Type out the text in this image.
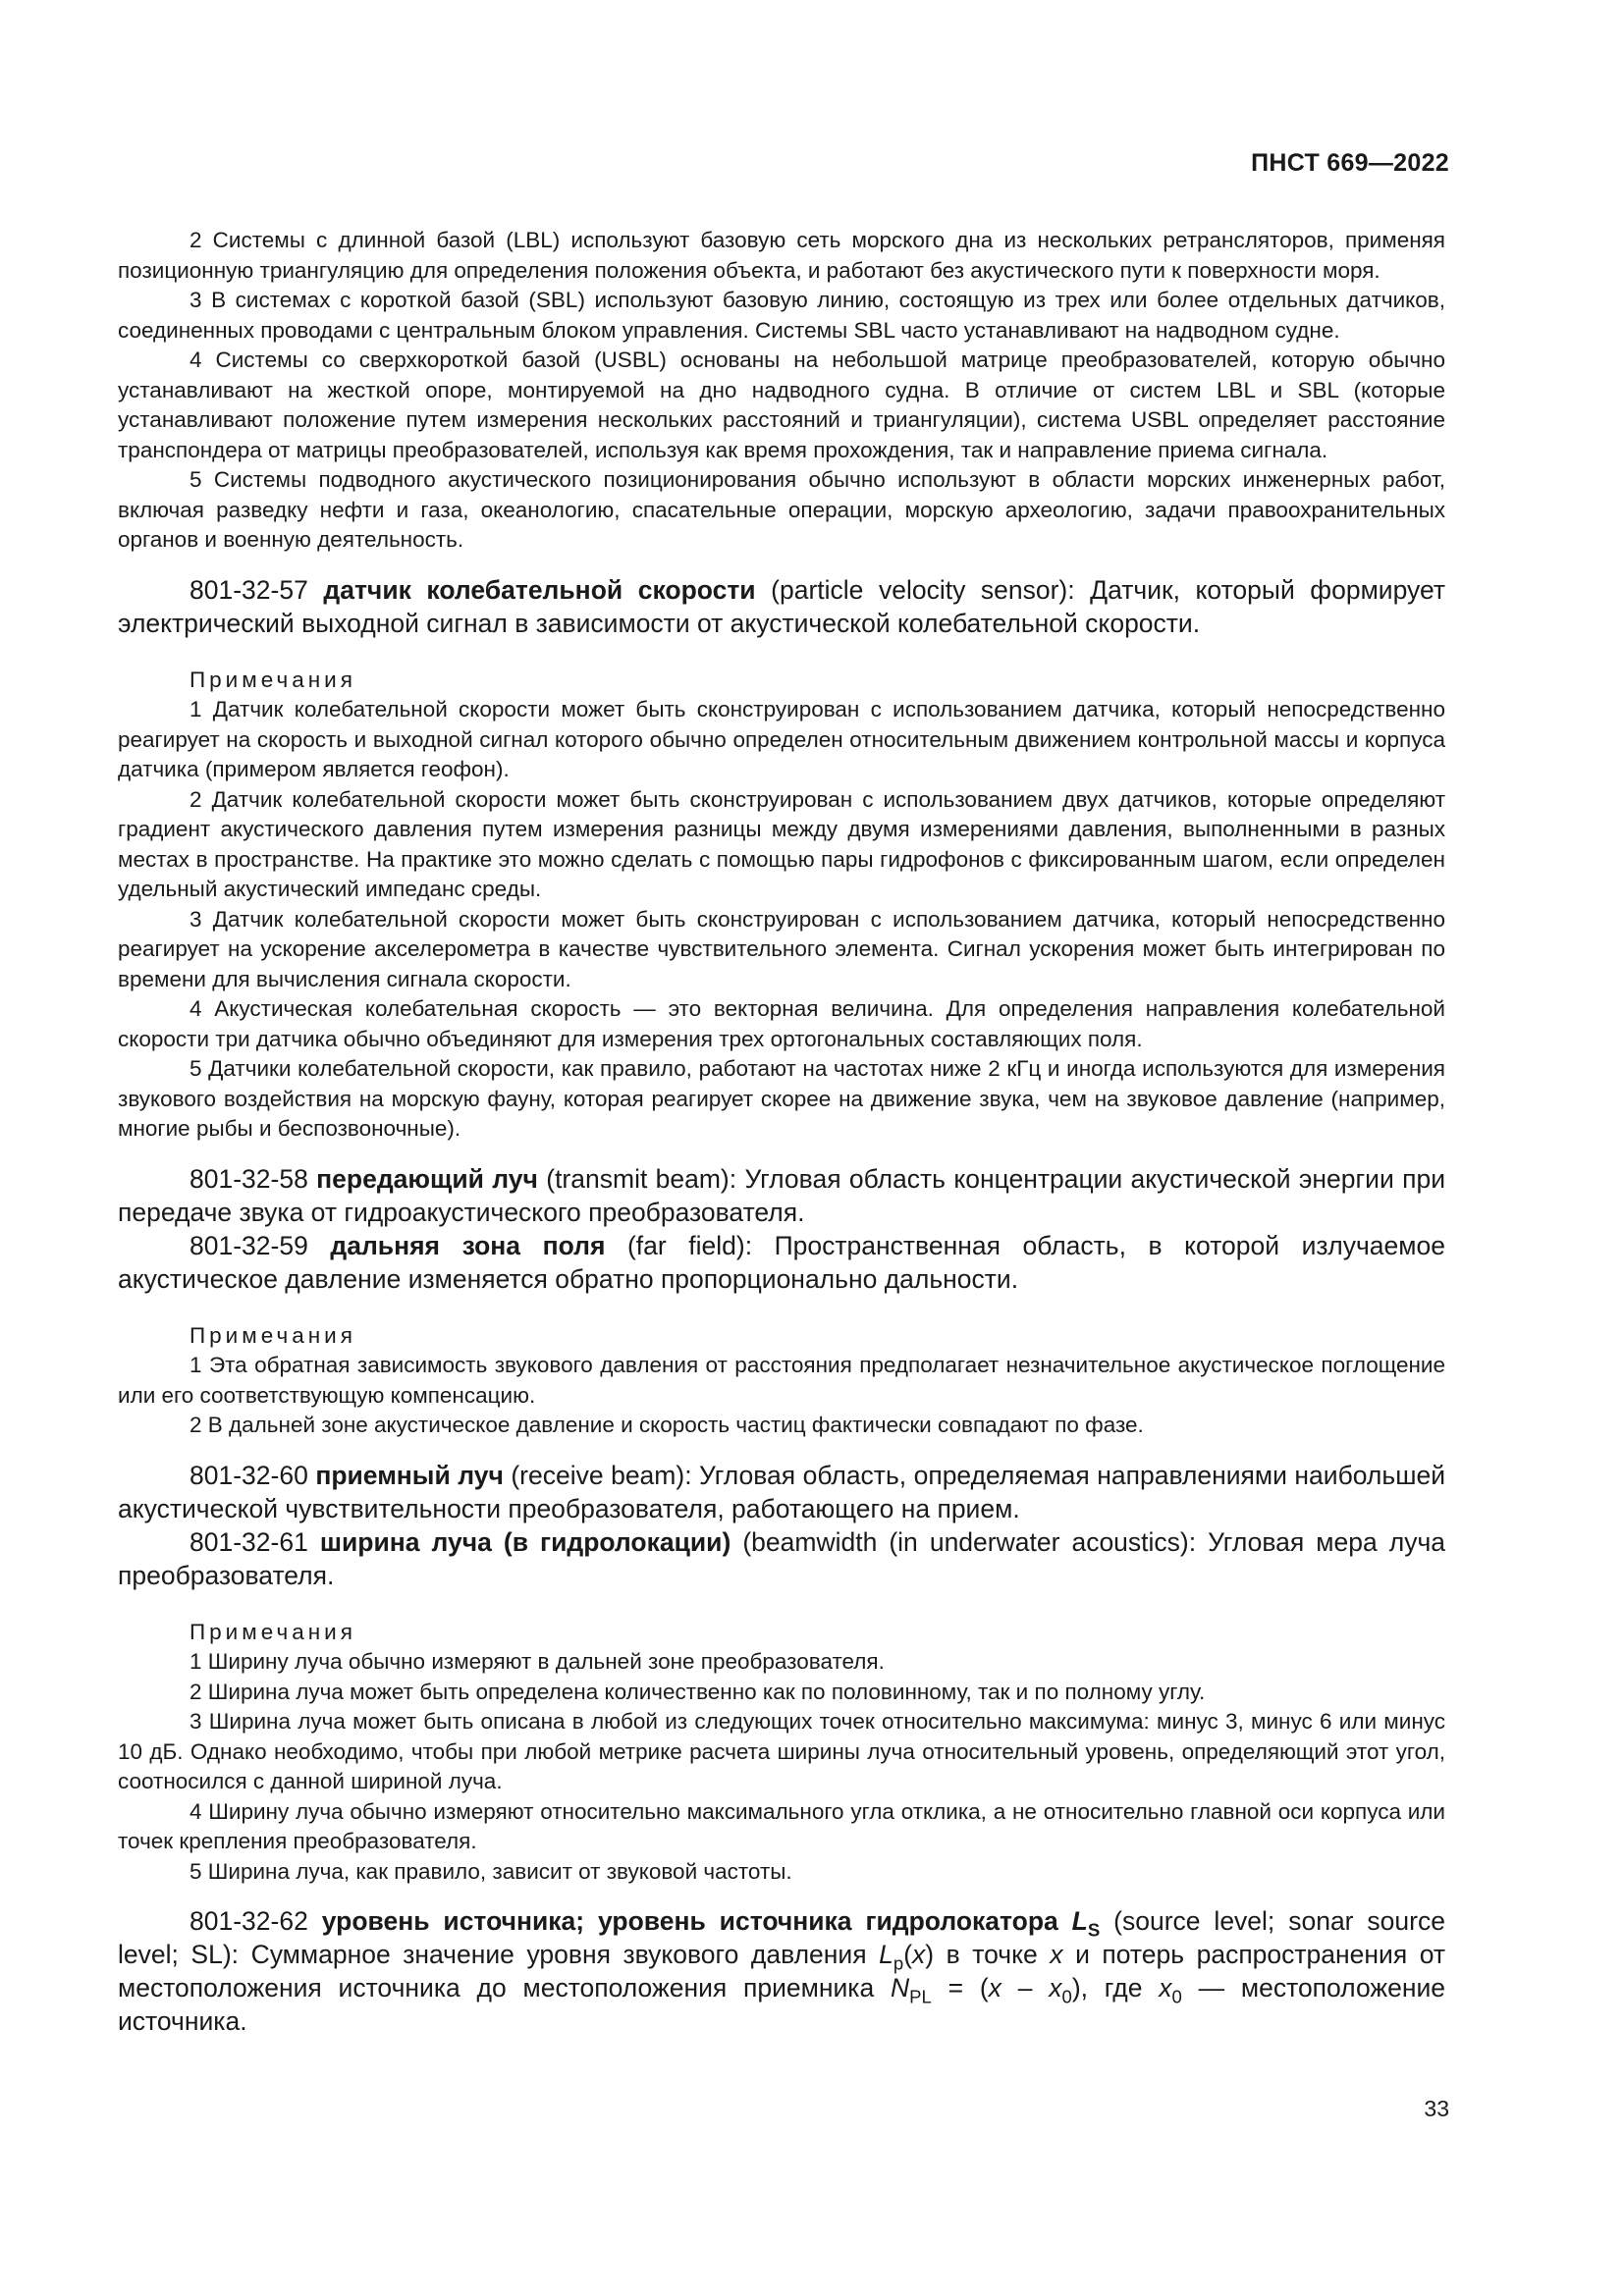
ПНСТ 669—2022

2 Системы с длинной базой (LBL) используют базовую сеть морского дна из нескольких ретрансляторов, применяя позиционную триангуляцию для определения положения объекта, и работают без акустического пути к поверхности моря.

3 В системах с короткой базой (SBL) используют базовую линию, состоящую из трех или более отдельных датчиков, соединенных проводами с центральным блоком управления. Системы SBL часто устанавливают на надводном судне.

4 Системы со сверхкороткой базой (USBL) основаны на небольшой матрице преобразователей, которую обычно устанавливают на жесткой опоре, монтируемой на дно надводного судна. В отличие от систем LBL и SBL (которые устанавливают положение путем измерения нескольких расстояний и триангуляции), система USBL определяет расстояние транспондера от матрицы преобразователей, используя как время прохождения, так и направление приема сигнала.

5 Системы подводного акустического позиционирования обычно используют в области морских инженерных работ, включая разведку нефти и газа, океанологию, спасательные операции, морскую археологию, задачи правоохранительных органов и военную деятельность.

801-32-57 датчик колебательной скорости (particle velocity sensor): Датчик, который формирует электрический выходной сигнал в зависимости от акустической колебательной скорости.

Примечания

1 Датчик колебательной скорости может быть сконструирован с использованием датчика, который непосредственно реагирует на скорость и выходной сигнал которого обычно определен относительным движением контрольной массы и корпуса датчика (примером является геофон).

2 Датчик колебательной скорости может быть сконструирован с использованием двух датчиков, которые определяют градиент акустического давления путем измерения разницы между двумя измерениями давления, выполненными в разных местах в пространстве. На практике это можно сделать с помощью пары гидрофонов с фиксированным шагом, если определен удельный акустический импеданс среды.

3 Датчик колебательной скорости может быть сконструирован с использованием датчика, который непосредственно реагирует на ускорение акселерометра в качестве чувствительного элемента. Сигнал ускорения может быть интегрирован по времени для вычисления сигнала скорости.

4 Акустическая колебательная скорость — это векторная величина. Для определения направления колебательной скорости три датчика обычно объединяют для измерения трех ортогональных составляющих поля.

5 Датчики колебательной скорости, как правило, работают на частотах ниже 2 кГц и иногда используются для измерения звукового воздействия на морскую фауну, которая реагирует скорее на движение звука, чем на звуковое давление (например, многие рыбы и беспозвоночные).

801-32-58 передающий луч (transmit beam): Угловая область концентрации акустической энергии при передаче звука от гидроакустического преобразователя.

801-32-59 дальняя зона поля (far field): Пространственная область, в которой излучаемое акустическое давление изменяется обратно пропорционально дальности.

Примечания

1 Эта обратная зависимость звукового давления от расстояния предполагает незначительное акустическое поглощение или его соответствующую компенсацию.

2 В дальней зоне акустическое давление и скорость частиц фактически совпадают по фазе.

801-32-60 приемный луч (receive beam): Угловая область, определяемая направлениями наибольшей акустической чувствительности преобразователя, работающего на прием.

801-32-61 ширина луча (в гидролокации) (beamwidth (in underwater acoustics): Угловая мера луча преобразователя.

Примечания

1 Ширину луча обычно измеряют в дальней зоне преобразователя.

2 Ширина луча может быть определена количественно как по половинному, так и по полному углу.

3 Ширина луча может быть описана в любой из следующих точек относительно максимума: минус 3, минус 6 или минус 10 дБ. Однако необходимо, чтобы при любой метрике расчета ширины луча относительный уровень, определяющий этот угол, соотносился с данной шириной луча.

4 Ширину луча обычно измеряют относительно максимального угла отклика, а не относительно главной оси корпуса или точек крепления преобразователя.

5 Ширина луча, как правило, зависит от звуковой частоты.

801-32-62 уровень источника; уровень источника гидролокатора $L_S$ (source level; sonar source level; SL): Суммарное значение уровня звукового давления $L_p(x)$ в точке x и потерь распространения от местоположения источника до местоположения приемника $N_{PL} = (x - x_0)$, где $x_0$ — местоположение источника.

33
